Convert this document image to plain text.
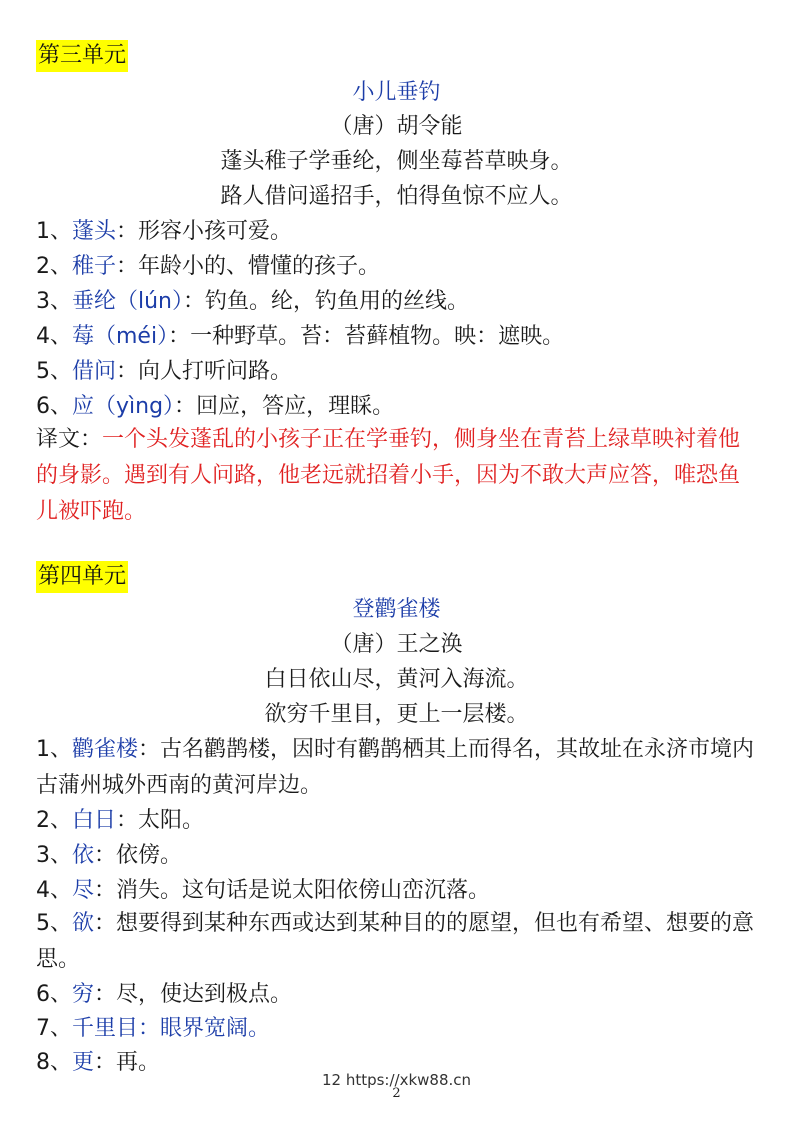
第三单元
小儿垂钓
（唐）胡令能
蓬头稚子学垂纶，侧坐莓苔草映身。
路人借问遥招手，怕得鱼惊不应人。
1、蓬头：形容小孩可爱。
2、稚子：年龄小的、懵懂的孩子。
3、垂纶（lún）：钓鱼。纶，钓鱼用的丝线。
4、莓（méi）：一种野草。苔：苔藓植物。映：遮映。
5、借问：向人打听问路。
6、应（yìng）：回应，答应，理睬。
译文：一个头发蓬乱的小孩子正在学垂钓，侧身坐在青苔上绿草映衬着他的身影。遇到有人问路，他老远就招着小手，因为不敢大声应答，唯恐鱼儿被吓跑。
第四单元
登鹳雀楼
（唐）王之涣
白日依山尽，黄河入海流。
欲穷千里目，更上一层楼。
1、鹳雀楼：古名鹳鹊楼，因时有鹳鹊栖其上而得名，其故址在永济市境内古蒲州城外西南的黄河岸边。
2、白日：太阳。
3、依：依傍。
4、尽：消失。这句话是说太阳依傍山峦沉落。
5、欲：想要得到某种东西或达到某种目的的愿望，但也有希望、想要的意思。
6、穷：尽，使达到极点。
7、千里目：眼界宽阔。
8、更：再。
12 https://xkw88.cn
2
